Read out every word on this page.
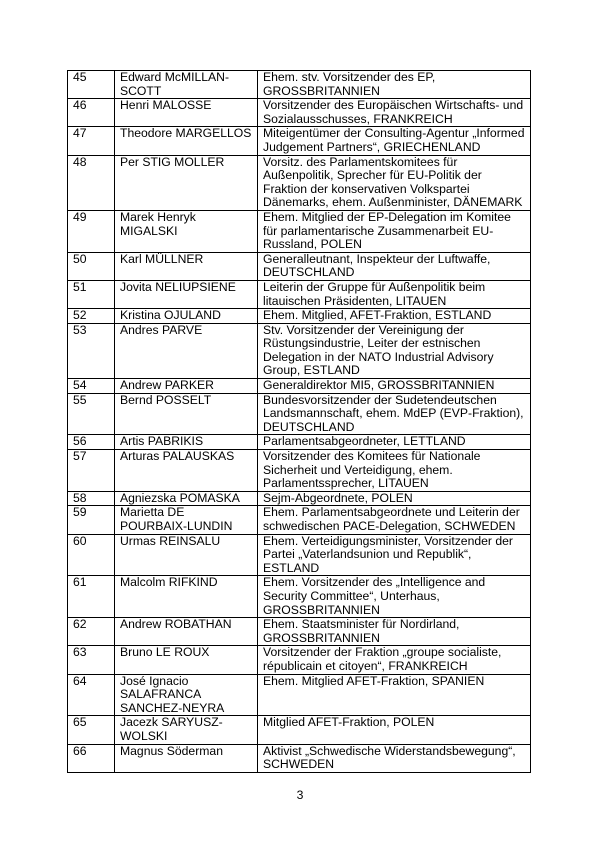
45	Edward McMILLAN-
SCOTT	Ehem. stv. Vorsitzender des EP,
GROSSBRITANNIEN
46	Henri MALOSSE	Vorsitzender des Europäischen Wirtschafts- und
Sozialausschusses, FRANKREICH
47	Theodore MARGELLOS	Miteigentümer der Consulting-Agentur „Informed
Judgement Partners“, GRIECHENLAND
48	Per STIG MOLLER	Vorsitz. des Parlamentskomitees für
Außenpolitik, Sprecher für EU-Politik der
Fraktion der konservativen Volkspartei
Dänemarks, ehem. Außenminister, DÄNEMARK
49	Marek Henryk
MIGALSKI	Ehem. Mitglied der EP-Delegation im Komitee
für parlamentarische Zusammenarbeit EU-
Russland, POLEN
50	Karl MÜLLNER	Generalleutnant, Inspekteur der Luftwaffe,
DEUTSCHLAND
51	Jovita NELIUPSIENE	Leiterin der Gruppe für Außenpolitik beim
litauischen Präsidenten, LITAUEN
52	Kristina OJULAND	Ehem. Mitglied, AFET-Fraktion, ESTLAND
53	Andres PARVE	Stv. Vorsitzender der Vereinigung der
Rüstungsindustrie, Leiter der estnischen
Delegation in der NATO Industrial Advisory
Group, ESTLAND
54	Andrew PARKER	Generaldirektor MI5, GROSSBRITANNIEN
55	Bernd POSSELT	Bundesvorsitzender der Sudetendeutschen
Landsmannschaft, ehem. MdEP (EVP-Fraktion),
DEUTSCHLAND
56	Artis PABRIKIS	Parlamentsabgeordneter, LETTLAND
57	Arturas PALAUSKAS	Vorsitzender des Komitees für Nationale
Sicherheit und Verteidigung, ehem.
Parlamentssprecher, LITAUEN
58	Agniezska POMASKA	Sejm-Abgeordnete, POLEN
59	Marietta DE
POURBAIX-LUNDIN	Ehem. Parlamentsabgeordnete und Leiterin der
schwedischen PACE-Delegation, SCHWEDEN
60	Urmas REINSALU	Ehem. Verteidigungsminister, Vorsitzender der
Partei „Vaterlandsunion und Republik“,
ESTLAND
61	Malcolm RIFKIND	Ehem. Vorsitzender des „Intelligence and
Security Committee“, Unterhaus,
GROSSBRITANNIEN
62	Andrew ROBATHAN	Ehem. Staatsminister für Nordirland,
GROSSBRITANNIEN
63	Bruno LE ROUX	Vorsitzender der Fraktion „groupe socialiste,
républicain et citoyen“, FRANKREICH
64	José Ignacio
SALAFRANCA
SANCHEZ-NEYRA	Ehem. Mitglied AFET-Fraktion, SPANIEN
65	Jacezk SARYUSZ-
WOLSKI	Mitglied AFET-Fraktion, POLEN
66	Magnus Söderman	Aktivist „Schwedische Widerstandsbewegung“,
SCHWEDEN
3
